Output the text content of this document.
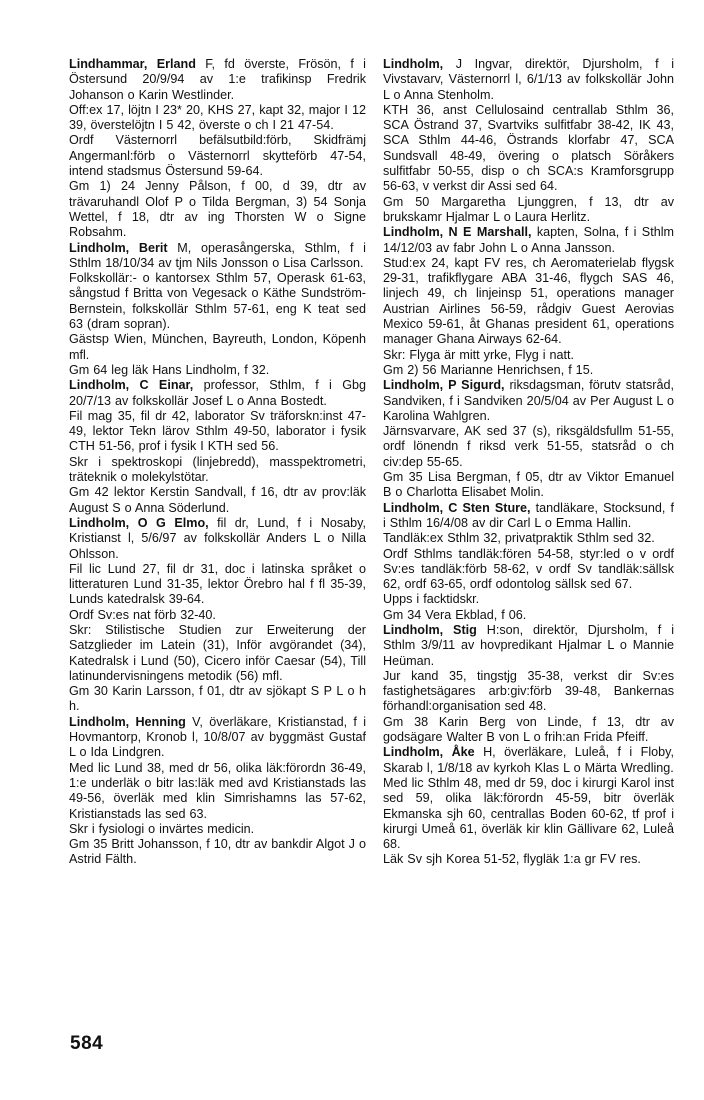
Lindhammar, Erland F, fd överste, Frösön, f i Östersund 20/9/94 av 1:e trafikinsp Fredrik Johanson o Karin Westlinder.

Off:ex 17, löjtn I 23* 20, KHS 27, kapt 32, major I 12 39, överstelöjtn I 5 42, överste o ch I 21 47-54.

Ordf Västernorrl befälsutbild:förb, Skidfrämj Angermanl:förb o Västernorrl skytteförb 47-54, intend stadsmus Östersund 59-64.

Gm 1) 24 Jenny Pålson, f 00, d 39, dtr av trävaruhandl Olof P o Tilda Bergman, 3) 54 Sonja Wettel, f 18, dtr av ing Thorsten W o Signe Robsahm.

Lindholm, Berit M, operasångerska, Sthlm, f i Sthlm 18/10/34 av tjm Nils Jonsson o Lisa Carlsson.

Folkskollär:- o kantorsex Sthlm 57, Operask 61-63, sångstud f Britta von Vegesack o Käthe Sundström-Bernstein, folkskollär Sthlm 57-61, eng K teat sed 63 (dram sopran).

Gästsp Wien, München, Bayreuth, London, Köpenh mfl.

Gm 64 leg läk Hans Lindholm, f 32.

Lindholm, C Einar, professor, Sthlm, f i Gbg 20/7/13 av folkskollär Josef L o Anna Bostedt.

Fil mag 35, fil dr 42, laborator Sv träforskn:inst 47-49, lektor Tekn lärov Sthlm 49-50, laborator i fysik CTH 51-56, prof i fysik I KTH sed 56.

Skr i spektroskopi (linjebredd), masspektrometri, träteknik o molekylstötar.

Gm 42 lektor Kerstin Sandvall, f 16, dtr av prov:läk August S o Anna Söderlund.

Lindholm, O G Elmo, fil dr, Lund, f i Nosaby, Kristianst l, 5/6/97 av folkskollär Anders L o Nilla Ohlsson.

Fil lic Lund 27, fil dr 31, doc i latinska språket o litteraturen Lund 31-35, lektor Örebro hal f fl 35-39, Lunds katedralsk 39-64.

Ordf Sv:es nat förb 32-40.

Skr: Stilistische Studien zur Erweiterung der Satzglieder im Latein (31), Inför avgörandet (34), Katedralsk i Lund (50), Cicero inför Caesar (54), Till latinundervisningens metodik (56) mfl.

Gm 30 Karin Larsson, f 01, dtr av sjökapt S P L o h h.

Lindholm, Henning V, överläkare, Kristianstad, f i Hovmantorp, Kronob l, 10/8/07 av byggmäst Gustaf L o Ida Lindgren.

Med lic Lund 38, med dr 56, olika läk:förordn 36-49, 1:e underläk o bitr las:läk med avd Kristianstads las 49-56, överläk med klin Simrishamns las 57-62, Kristianstads las sed 63.

Skr i fysiologi o invärtes medicin.

Gm 35 Britt Johansson, f 10, dtr av bankdir Algot J o Astrid Fälth.

Lindholm, J Ingvar, direktör, Djursholm, f i Vivstavarv, Västernorrl l, 6/1/13 av folkskollär John L o Anna Stenholm.

KTH 36, anst Cellulosaind centrallab Sthlm 36, SCA Östrand 37, Svartviks sulfitfabr 38-42, IK 43, SCA Sthlm 44-46, Östrands klorfabr 47, SCA Sundsvall 48-49, övering o platsch Söråkers sulfitfabr 50-55, disp o ch SCA:s Kramforsgrupp 56-63, v verkst dir Assi sed 64.

Gm 50 Margaretha Ljunggren, f 13, dtr av brukskamr Hjalmar L o Laura Herlitz.

Lindholm, N E Marshall, kapten, Solna, f i Sthlm 14/12/03 av fabr John L o Anna Jansson.

Stud:ex 24, kapt FV res, ch Aeromaterielab flygsk 29-31, trafikflygare ABA 31-46, flygch SAS 46, linjech 49, ch linjeinsp 51, operations manager Austrian Airlines 56-59, rådgiv Guest Aerovias Mexico 59-61, åt Ghanas president 61, operations manager Ghana Airways 62-64.

Skr: Flyga är mitt yrke, Flyg i natt.

Gm 2) 56 Marianne Henrichsen, f 15.

Lindholm, P Sigurd, riksdagsman, förutv statsråd, Sandviken, f i Sandviken 20/5/04 av Per August L o Karolina Wahlgren.

Järnsvarvare, AK sed 37 (s), riksgäldsfullm 51-55, ordf lönendn f riksd verk 51-55, statsråd o ch civ:dep 55-65.

Gm 35 Lisa Bergman, f 05, dtr av Viktor Emanuel B o Charlotta Elisabet Molin.

Lindholm, C Sten Sture, tandläkare, Stocksund, f i Sthlm 16/4/08 av dir Carl L o Emma Hallin.

Tandläk:ex Sthlm 32, privatpraktik Sthlm sed 32.

Ordf Sthlms tandläk:fören 54-58, styr:led o v ordf Sv:es tandläk:förb 58-62, v ordf Sv tandläk:sällsk 62, ordf 63-65, ordf odontolog sällsk sed 67.

Upps i facktidskr.

Gm 34 Vera Ekblad, f 06.

Lindholm, Stig H:son, direktör, Djursholm, f i Sthlm 3/9/11 av hovpredikant Hjalmar L o Mannie Heüman.

Jur kand 35, tingstjg 35-38, verkst dir Sv:es fastighetsägares arb:giv:förb 39-48, Bankernas förhandl:organisation sed 48.

Gm 38 Karin Berg von Linde, f 13, dtr av godsägare Walter B von L o frih:an Frida Pfeiff.

Lindholm, Åke H, överläkare, Luleå, f i Floby, Skarab l, 1/8/18 av kyrkoh Klas L o Märta Wredling.

Med lic Sthlm 48, med dr 59, doc i kirurgi Karol inst sed 59, olika läk:förordn 45-59, bitr överläk Ekmanska sjh 60, centrallas Boden 60-62, tf prof i kirurgi Umeå 61, överläk kir klin Gällivare 62, Luleå 68.

Läk Sv sjh Korea 51-52, flygläk 1:a gr FV res.

584
